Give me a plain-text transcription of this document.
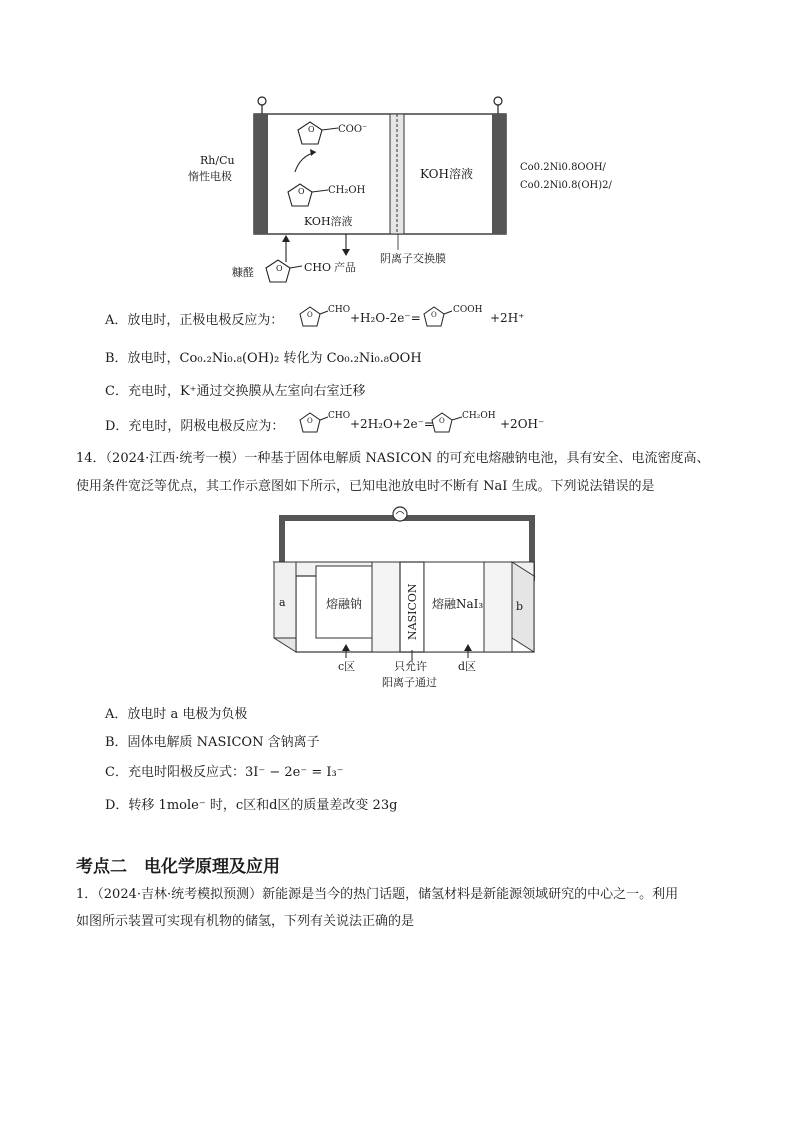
O COO⁻
O CH₂OH
KOH溶液
KOH溶液
Rh/Cu
惰性电极
Co0.2Ni0.8OOH/
Co0.2Ni0.8(OH)2/
糠醛	O CHO 产品
阴离子交换膜
A．放电时，正极电极反应为：	O CHO
+H₂O-2e⁻= O COOH
+2H⁺
B．放电时，Co₀.₂Ni₀.₈(OH)₂ 转化为 Co₀.₂Ni₀.₈OOH
C．充电时，K⁺通过交换膜从左室向右室迁移
D．充电时，阴极电极反应为：	O CHO
+2H₂O+2e⁻= O CH₂OH
+2OH⁻
14．（2024·江西·统考一模）一种基于固体电解质 NASICON 的可充电熔融钠电池，具有安全、电流密度高、
使用条件宽泛等优点，其工作示意图如下所示，已知电池放电时不断有 NaI 生成。下列说法错误的是
a	b
熔融钠	NASICON 熔融NaI₃
c区	d区
只允许
阳离子通过
A．放电时 a 电极为负极
B．固体电解质 NASICON 含钠离子
C．充电时阳极反应式：3I⁻ − 2e⁻ = I₃⁻
D．转移 1mole⁻ 时，c区和d区的质量差改变 23g
考点二　电化学原理及应用
1．（2024·吉林·统考模拟预测）新能源是当今的热门话题，储氢材料是新能源领域研究的中心之一。利用
如图所示装置可实现有机物的储氢，下列有关说法正确的是
